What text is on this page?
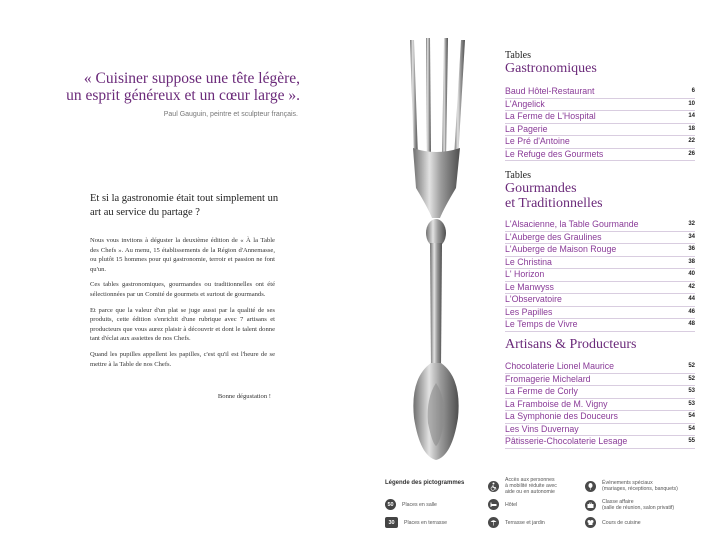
« Cuisiner suppose une tête légère,
un esprit généreux et un cœur large ».
Paul Gauguin, peintre et sculpteur français.
Et si la gastronomie était tout simplement un art au service du partage ?

Nous vous invitons à déguster la deuxième édition de « À la Table des Chefs ». Au menu, 15 établissements de la Région d'Annemasse, ou plutôt 15 hommes pour qui gastronomie, terroir et passion ne font qu'un.

Ces tables gastronomiques, gourmandes ou traditionnelles ont été sélectionnées par un Comité de gourmets et surtout de gourmands.

Et parce que la valeur d'un plat se juge aussi par la qualité de ses produits, cette édition s'enrichit d'une rubrique avec 7 artisans et producteurs que vous aurez plaisir à découvrir et dont le talent donne tant d'éclat aux assiettes de nos Chefs.

Quand les pupilles appellent les papilles, c'est qu'il est l'heure de se mettre à la Table de nos Chefs.

Bonne dégustation !
Tables
Gastronomiques
Baud Hôtel-Restaurant	6
L'Angelick	10
La Ferme de L'Hospital	14
La Pagerie	18
Le Pré d'Antoine	22
Le Refuge des Gourmets	26
Tables
Gourmandes
et Traditionnelles
L'Alsacienne, la Table Gourmande	32
L'Auberge des Graulines	34
L'Auberge de Maison Rouge	36
Le Christina	38
L' Horizon	40
Le Manwyss	42
L'Observatoire	44
Les Papilles	46
Le Temps de Vivre	48
Artisans & Producteurs
Chocolaterie Lionel Maurice	52
Fromagerie Michelard	52
La Ferme de Corly	53
La Framboise de M. Vigny	53
La Symphonie des Douceurs	54
Les Vins Duvernay	54
Pâtisserie-Chocolaterie Lesage	55
Légende des pictogrammes
50	Places en salle
30	Places en terrasse
Accès aux personnes
à mobilité réduite avec
aide ou en autonomie
Hôtel
Terrasse et jardin
Événements spéciaux
(mariages, réceptions, banquets)
Classe affaire
(salle de réunion, salon privatif)
Cours de cuisine
